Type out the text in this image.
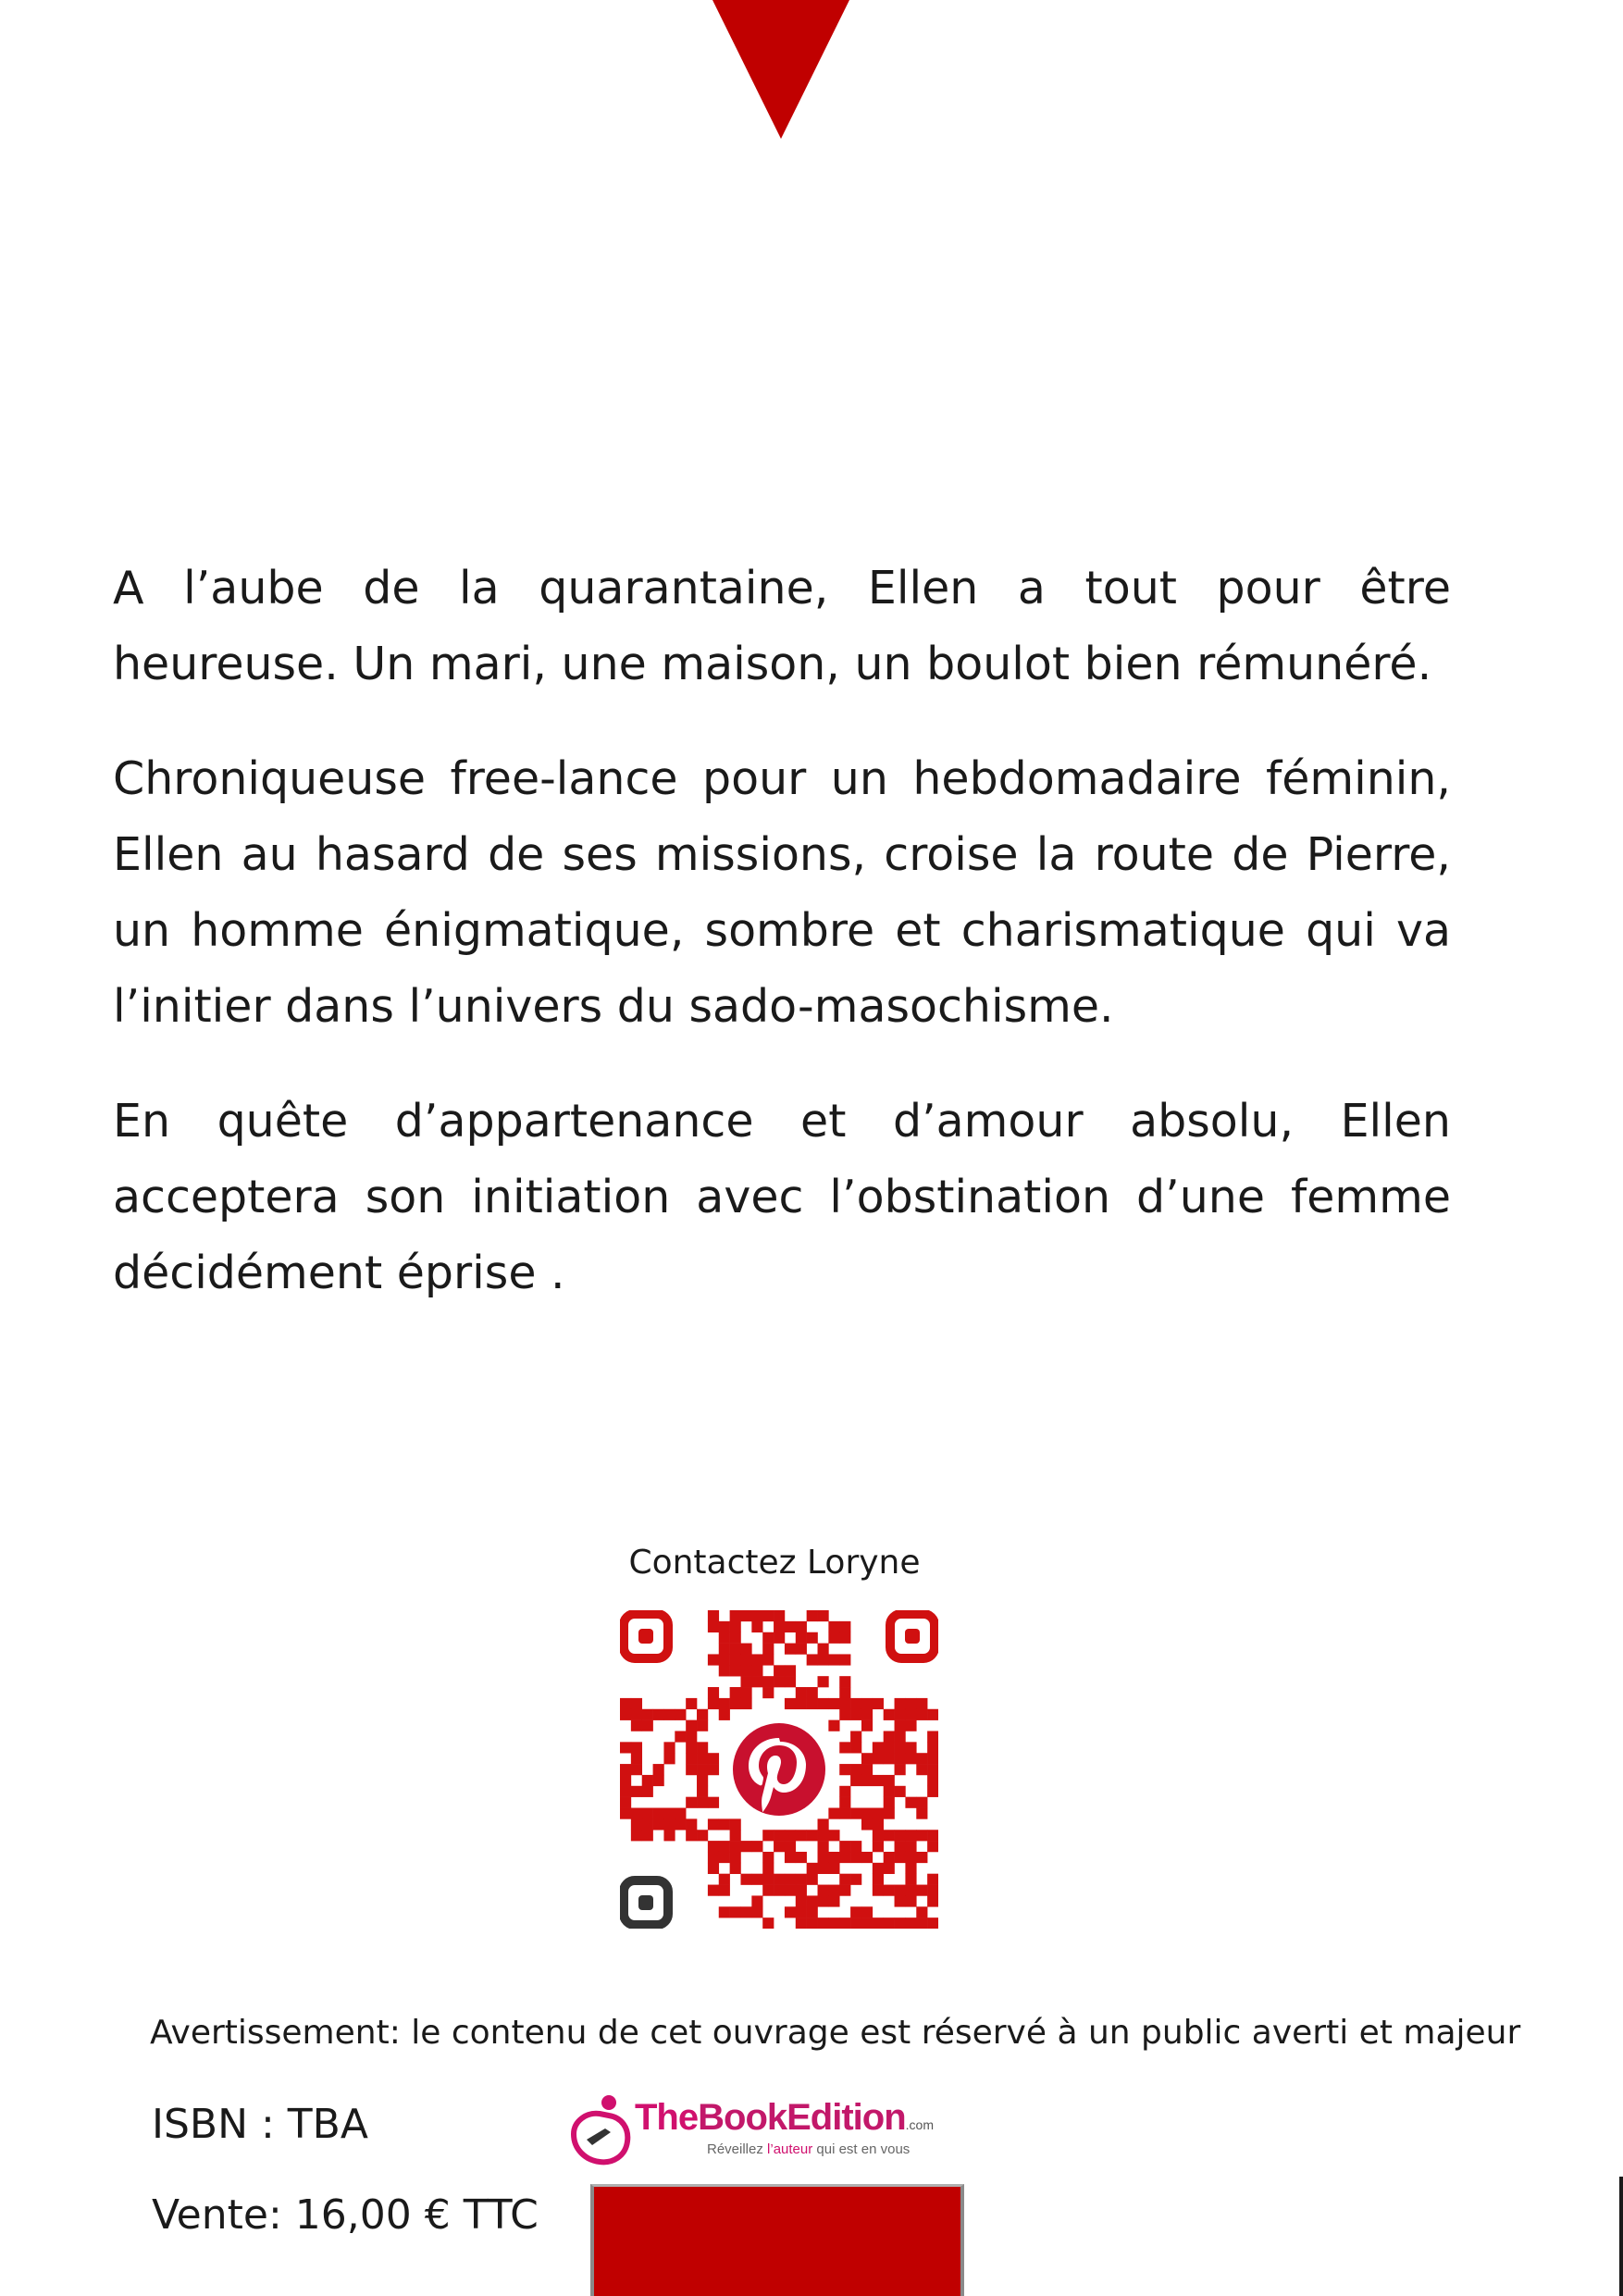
A l’aube de la quarantaine, Ellen a tout pour être heureuse. Un mari, une maison, un boulot bien rémunéré.

Chroniqueuse free-lance pour un hebdomadaire féminin, Ellen au hasard de ses missions, croise la route de Pierre, un homme énigmatique, sombre et charismatique qui va l’initier dans l’univers du sado-masochisme.

En quête d’appartenance et d’amour absolu, Ellen acceptera son initiation avec l’obstination d’une femme décidément éprise .

Contactez Loryne
Avertissement: le contenu de cet ouvrage est réservé à un public averti et majeur
ISBN : TBA
Vente: 16,00 € TTC
TheBookEdition.com
Réveillez l’auteur qui est en vous
